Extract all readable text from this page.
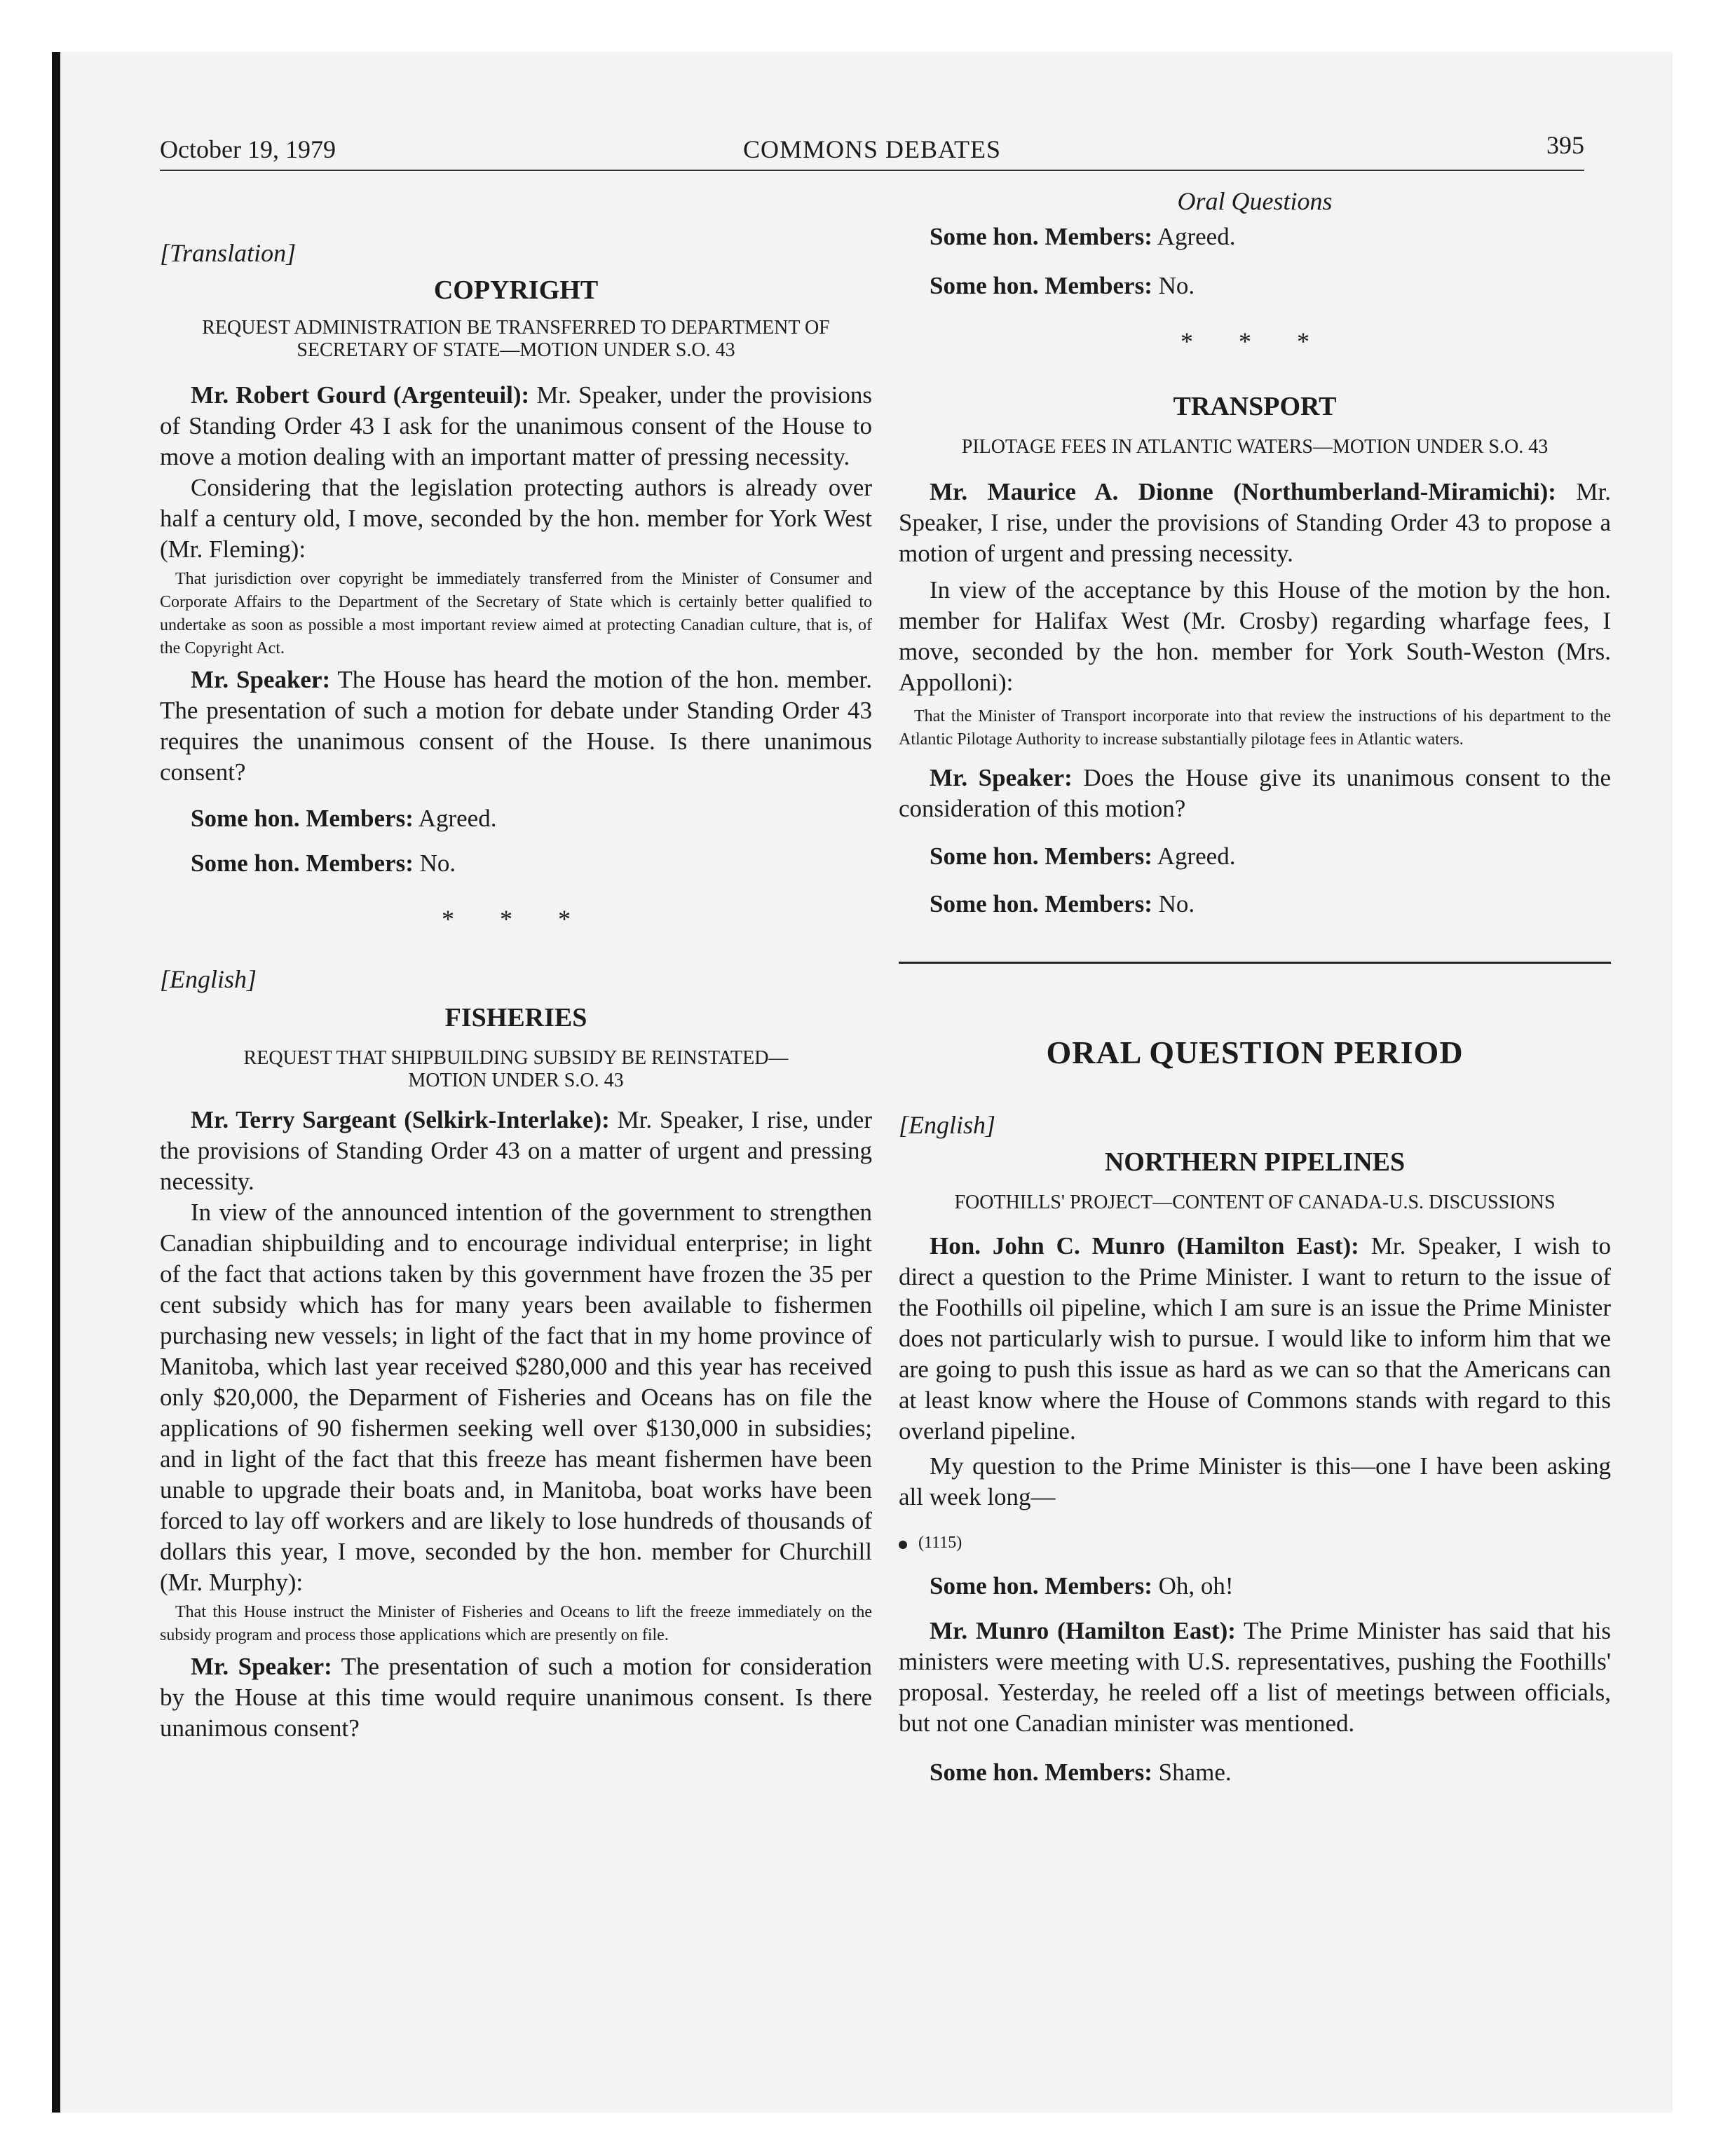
October 19, 1979	COMMONS DEBATES	395
[Translation]
COPYRIGHT
REQUEST ADMINISTRATION BE TRANSFERRED TO DEPARTMENT OF SECRETARY OF STATE—MOTION UNDER S.O. 43

Mr. Robert Gourd (Argenteuil): Mr. Speaker, under the provisions of Standing Order 43 I ask for the unanimous consent of the House to move a motion dealing with an important matter of pressing necessity.

Considering that the legislation protecting authors is already over half a century old, I move, seconded by the hon. member for York West (Mr. Fleming):

That jurisdiction over copyright be immediately transferred from the Minister of Consumer and Corporate Affairs to the Department of the Secretary of State which is certainly better qualified to undertake as soon as possible a most important review aimed at protecting Canadian culture, that is, of the Copyright Act.

Mr. Speaker: The House has heard the motion of the hon. member. The presentation of such a motion for debate under Standing Order 43 requires the unanimous consent of the House. Is there unanimous consent?

Some hon. Members: Agreed.

Some hon. Members: No.

* * *
[English]
FISHERIES
REQUEST THAT SHIPBUILDING SUBSIDY BE REINSTATED— MOTION UNDER S.O. 43

Mr. Terry Sargeant (Selkirk-Interlake): Mr. Speaker, I rise, under the provisions of Standing Order 43 on a matter of urgent and pressing necessity.

In view of the announced intention of the government to strengthen Canadian shipbuilding and to encourage individual enterprise; in light of the fact that actions taken by this government have frozen the 35 per cent subsidy which has for many years been available to fishermen purchasing new vessels; in light of the fact that in my home province of Manitoba, which last year received $280,000 and this year has received only $20,000, the Deparment of Fisheries and Oceans has on file the applications of 90 fishermen seeking well over $130,000 in subsidies; and in light of the fact that this freeze has meant fishermen have been unable to upgrade their boats and, in Manitoba, boat works have been forced to lay off workers and are likely to lose hundreds of thousands of dollars this year, I move, seconded by the hon. member for Churchill (Mr. Murphy):

That this House instruct the Minister of Fisheries and Oceans to lift the freeze immediately on the subsidy program and process those applications which are presently on file.

Mr. Speaker: The presentation of such a motion for consideration by the House at this time would require unanimous consent. Is there unanimous consent?

Oral Questions

Some hon. Members: Agreed.

Some hon. Members: No.

* * *
TRANSPORT
PILOTAGE FEES IN ATLANTIC WATERS—MOTION UNDER S.O. 43

Mr. Maurice A. Dionne (Northumberland-Miramichi): Mr. Speaker, I rise, under the provisions of Standing Order 43 to propose a motion of urgent and pressing necessity.

In view of the acceptance by this House of the motion by the hon. member for Halifax West (Mr. Crosby) regarding wharfage fees, I move, seconded by the hon. member for York South-Weston (Mrs. Appolloni):

That the Minister of Transport incorporate into that review the instructions of his department to the Atlantic Pilotage Authority to increase substantially pilotage fees in Atlantic waters.

Mr. Speaker: Does the House give its unanimous consent to the consideration of this motion?

Some hon. Members: Agreed.

Some hon. Members: No.

ORAL QUESTION PERIOD
[English]
NORTHERN PIPELINES
FOOTHILLS' PROJECT—CONTENT OF CANADA-U.S. DISCUSSIONS

Hon. John C. Munro (Hamilton East): Mr. Speaker, I wish to direct a question to the Prime Minister. I want to return to the issue of the Foothills oil pipeline, which I am sure is an issue the Prime Minister does not particularly wish to pursue. I would like to inform him that we are going to push this issue as hard as we can so that the Americans can at least know where the House of Commons stands with regard to this overland pipeline.

My question to the Prime Minister is this—one I have been asking all week long—

(1115)

Some hon. Members: Oh, oh!

Mr. Munro (Hamilton East): The Prime Minister has said that his ministers were meeting with U.S. representatives, pushing the Foothills' proposal. Yesterday, he reeled off a list of meetings between officials, but not one Canadian minister was mentioned.

Some hon. Members: Shame.
